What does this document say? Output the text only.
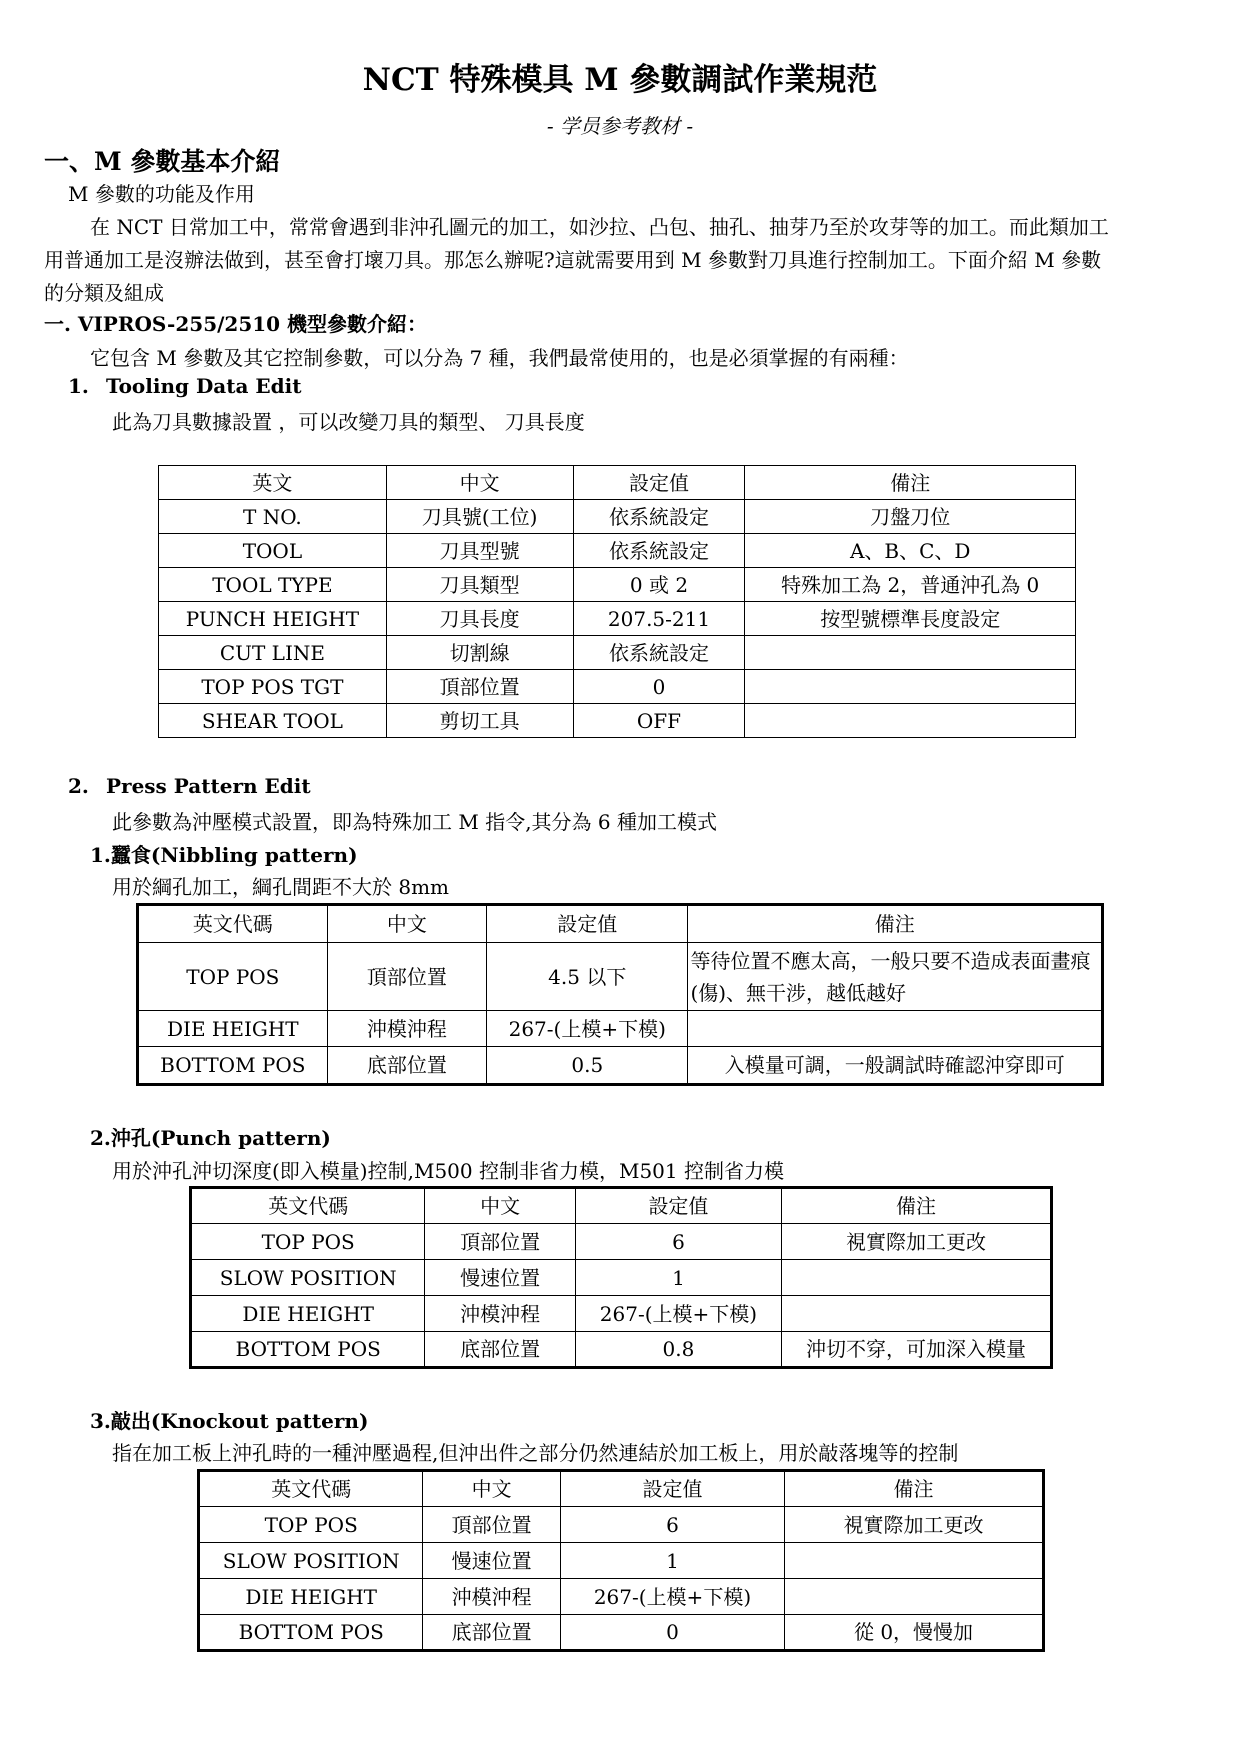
NCT 特殊模具 M 參數調試作業規范
- 学员参考教材 -
一、M 參數基本介紹
M 參數的功能及作用
在 NCT 日常加工中，常常會遇到非沖孔圖元的加工，如沙拉、凸包、抽孔、抽芽乃至於攻芽等的加工。而此類加工
用普通加工是沒辦法做到，甚至會打壞刀具。那怎么辦呢?這就需要用到 M 參數對刀具進行控制加工。下面介紹 M 參數
的分類及組成
一. VIPROS-255/2510 機型參數介紹：
它包含 M 參數及其它控制參數，可以分為 7 種，我們最常使用的，也是必須掌握的有兩種：
1. Tooling Data Edit
此為刀具數據設置 ，可以改變刀具的類型、 刀具長度
英文	中文	設定值	備注
T NO.	刀具號(工位)	依系統設定	刀盤刀位
TOOL	刀具型號	依系統設定	A、B、C、D
TOOL TYPE	刀具類型	0 或 2	特殊加工為 2，普通沖孔為 0
PUNCH HEIGHT	刀具長度	207.5-211	按型號標準長度設定
CUT LINE	切割線	依系統設定	
TOP POS TGT	頂部位置	0	
SHEAR TOOL	剪切工具	OFF	
2. Press Pattern Edit
此參數為沖壓模式設置，即為特殊加工 M 指令,其分為 6 種加工模式
1.蠶食(Nibbling pattern)
用於綱孔加工，綱孔間距不大於 8mm
英文代碼	中文	設定值	備注
TOP POS	頂部位置	4.5 以下	等待位置不應太高，一般只要不造成表面畫痕(傷)、無干涉，越低越好
DIE HEIGHT	沖模沖程	267-(上模+下模)	
BOTTOM POS	底部位置	0.5	入模量可調，一般調試時確認沖穿即可
2.沖孔(Punch pattern)
用於沖孔沖切深度(即入模量)控制,M500 控制非省力模，M501 控制省力模
英文代碼	中文	設定值	備注
TOP POS	頂部位置	6	視實際加工更改
SLOW POSITION	慢速位置	1	
DIE HEIGHT	沖模沖程	267-(上模+下模)	
BOTTOM POS	底部位置	0.8	沖切不穿，可加深入模量
3.敲出(Knockout pattern)
指在加工板上沖孔時的一種沖壓過程,但沖出件之部分仍然連結於加工板上，用於敲落塊等的控制
英文代碼	中文	設定值	備注
TOP POS	頂部位置	6	視實際加工更改
SLOW POSITION	慢速位置	1	
DIE HEIGHT	沖模沖程	267-(上模+下模)	
BOTTOM POS	底部位置	0	從 0，慢慢加
